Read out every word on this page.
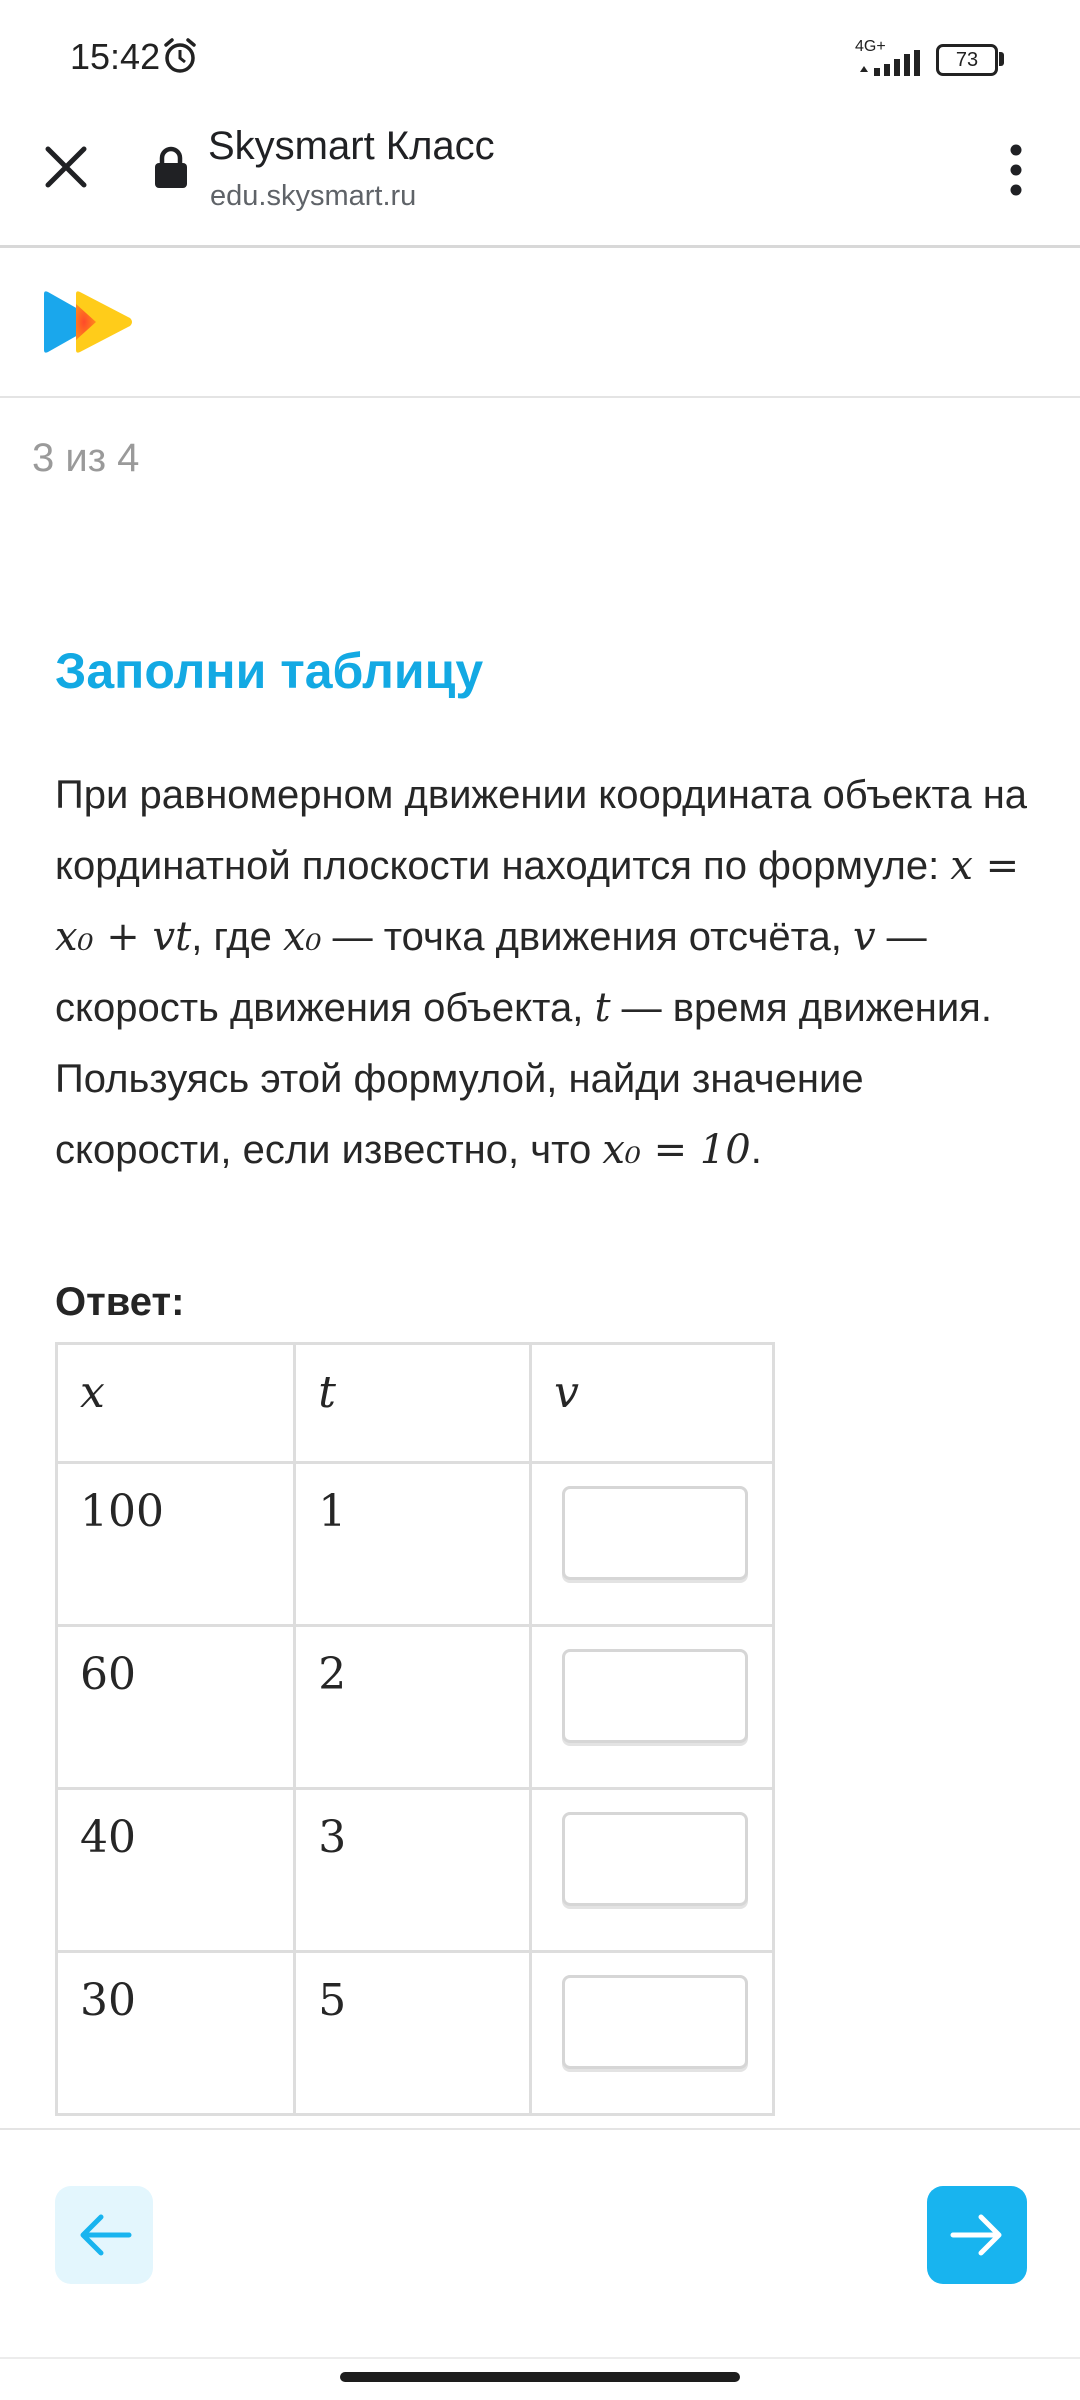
15:42	4G+
73
Skysmart Класс
edu.skysmart.ru
3 из 4
Заполни таблицу
При равномерном движении координата объекта на кординатной плоскости находится по формуле: x = x₀ + vt, где x₀ — точка движения отсчёта, v — скорость движения объекта, t — время движения. Пользуясь этой формулой, найди значение скорости, если известно, что x₀ = 10.
Ответ:
x	t	v
100	1	

60	2	

40	3	

30	5	
